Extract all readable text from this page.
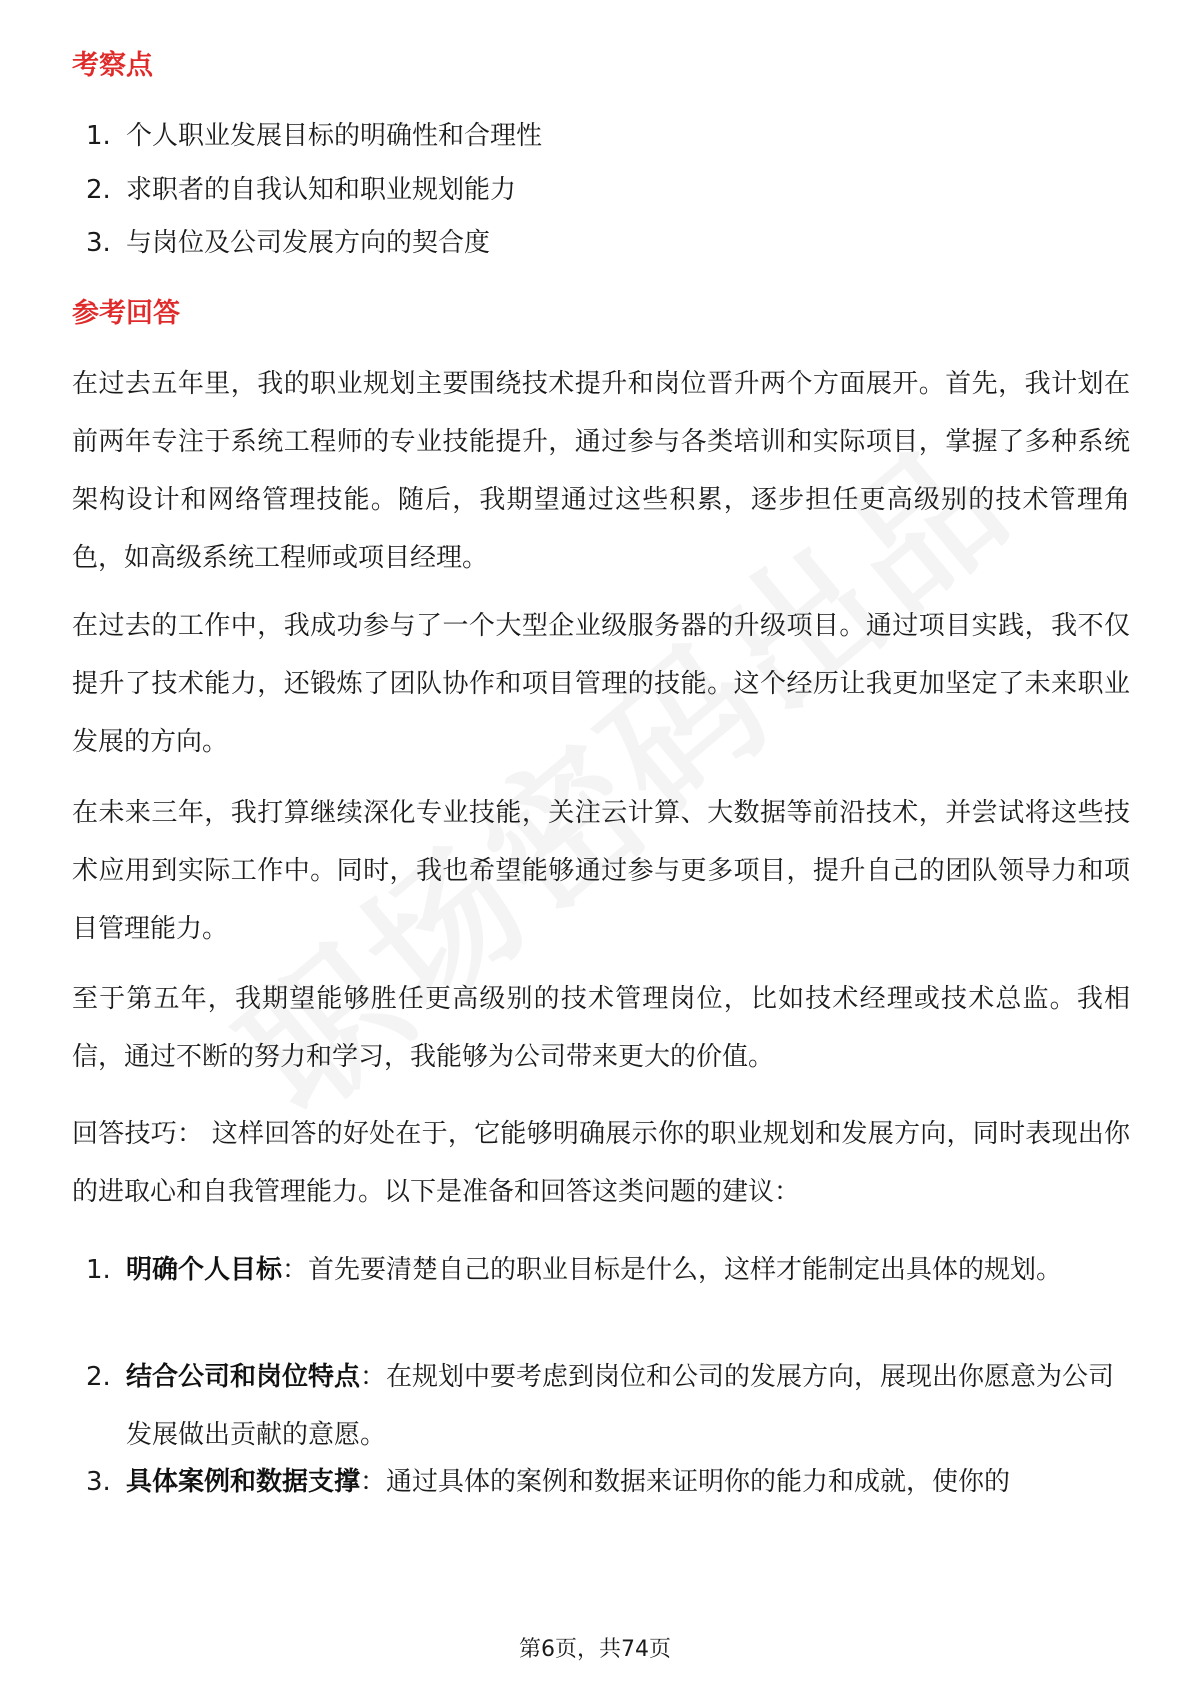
考察点
1. 个人职业发展目标的明确性和合理性
2. 求职者的自我认知和职业规划能力
3. 与岗位及公司发展方向的契合度
参考回答
在过去五年里，我的职业规划主要围绕技术提升和岗位晋升两个方面展开。首先，我计划在前两年专注于系统工程师的专业技能提升，通过参与各类培训和实际项目，掌握了多种系统架构设计和网络管理技能。随后，我期望通过这些积累，逐步担任更高级别的技术管理角色，如高级系统工程师或项目经理。
在过去的工作中，我成功参与了一个大型企业级服务器的升级项目。通过项目实践，我不仅提升了技术能力，还锻炼了团队协作和项目管理的技能。这个经历让我更加坚定了未来职业发展的方向。
在未来三年，我打算继续深化专业技能，关注云计算、大数据等前沿技术，并尝试将这些技术应用到实际工作中。同时，我也希望能够通过参与更多项目，提升自己的团队领导力和项目管理能力。
至于第五年，我期望能够胜任更高级别的技术管理岗位，比如技术经理或技术总监。我相信，通过不断的努力和学习，我能够为公司带来更大的价值。
回答技巧： 这样回答的好处在于，它能够明确展示你的职业规划和发展方向，同时表现出你的进取心和自我管理能力。以下是准备和回答这类问题的建议：
1. 明确个人目标：首先要清楚自己的职业目标是什么，这样才能制定出具体的规划。
2. 结合公司和岗位特点：在规划中要考虑到岗位和公司的发展方向，展现出你愿意为公司发展做出贡献的意愿。
3. 具体案例和数据支撑：通过具体的案例和数据来证明你的能力和成就，使你的
第6页，共74页
